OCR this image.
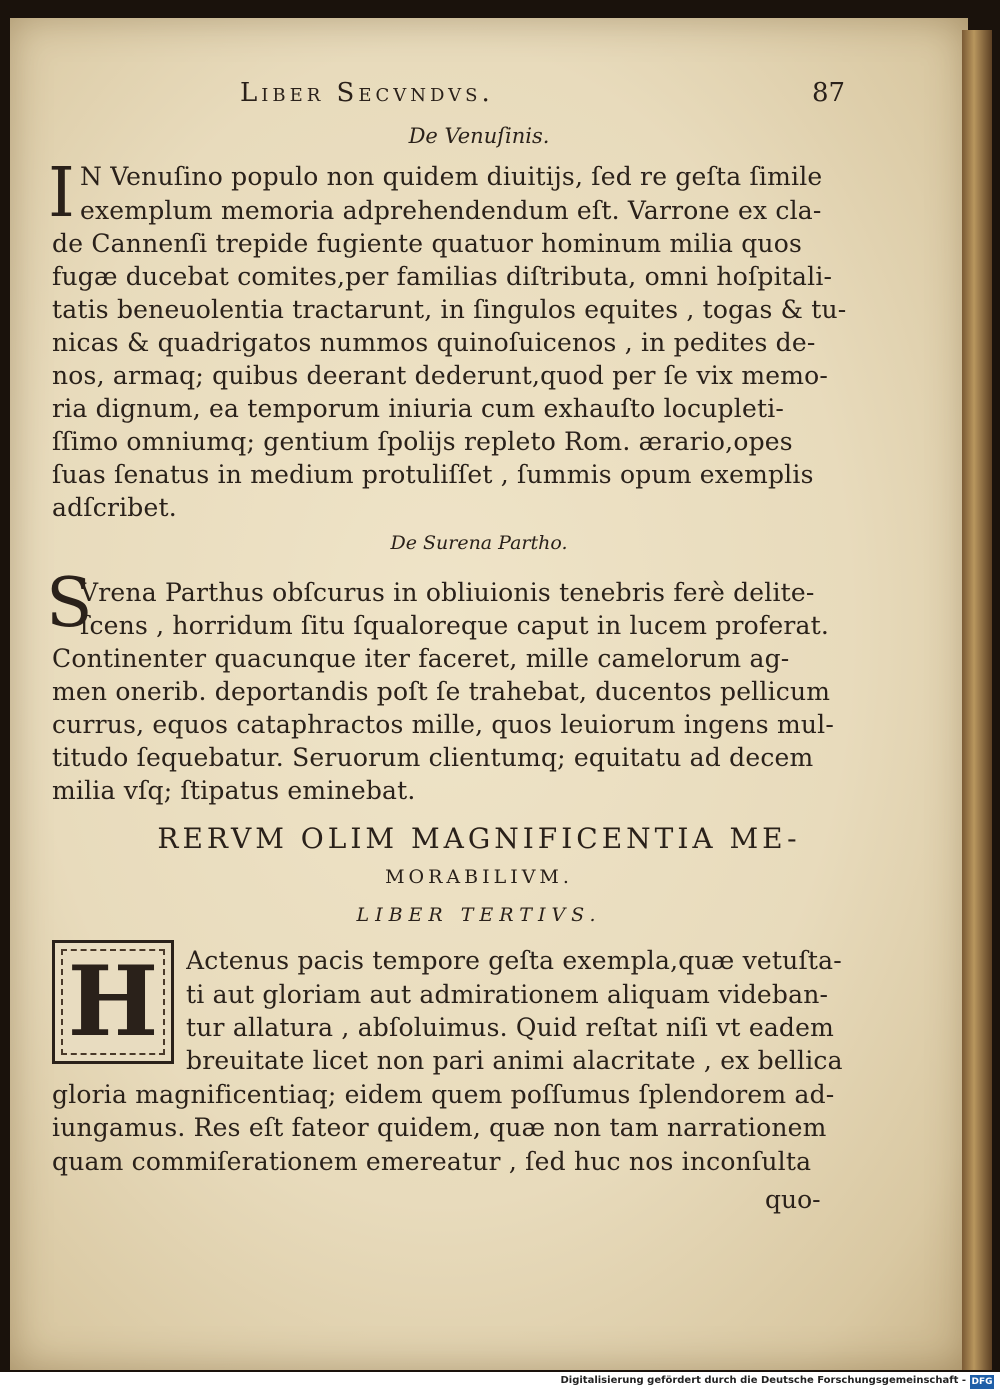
Liber Secvndvs.	87
De Venuſinis.
I N Venuſino populo non quidem diuitijs, ſed re geſta ſimile
exemplum memoria adprehendendum eſt. Varrone ex cla-
de Cannenſi trepide fugiente quatuor hominum milia quos
fugæ ducebat comites,per familias diſtributa, omni hoſpitali-
tatis beneuolentia tractarunt, in ſingulos equites , togas & tu-
nicas & quadrigatos nummos quinoſuicenos , in pedites de-
nos, armaq; quibus deerant dederunt,quod per ſe vix memo-
ria dignum, ea temporum iniuria cum exhauſto locupleti-
ſſimo omniumq; gentium ſpolijs repleto Rom. ærario,opes
ſuas ſenatus in medium protuliſſet , ſummis opum exemplis
adſcribet.
De Surena Partho.
S
Vrena Parthus obſcurus in obliuionis tenebris ferè delite-
ſcens , horridum ſitu ſqualoreque caput in lucem proferat.
Continenter quacunque iter faceret, mille camelorum ag-
men onerib. deportandis poſt ſe trahebat, ducentos pellicum
currus, equos cataphractos mille, quos leuiorum ingens mul-
titudo ſequebatur. Seruorum clientumq; equitatu ad decem
milia vſq; ſtipatus eminebat.
RERVM OLIM MAGNIFICENTIA ME-
MORABILIVM.
LIBER TERTIVS.
H	Actenus pacis tempore geſta exempla,quæ vetuſta-
ti aut gloriam aut admirationem aliquam videban-
tur allatura , abſoluimus. Quid reſtat niſi vt eadem
breuitate licet non pari animi alacritate , ex bellica
gloria magnificentiaq; eidem quem poſſumus ſplendorem ad-
iungamus. Res eſt fateor quidem, quæ non tam narrationem
quam commiſerationem emereatur , ſed huc nos inconſulta
quo-
Digitalisierung gefördert durch die Deutsche Forschungsgemeinschaft - DFG
